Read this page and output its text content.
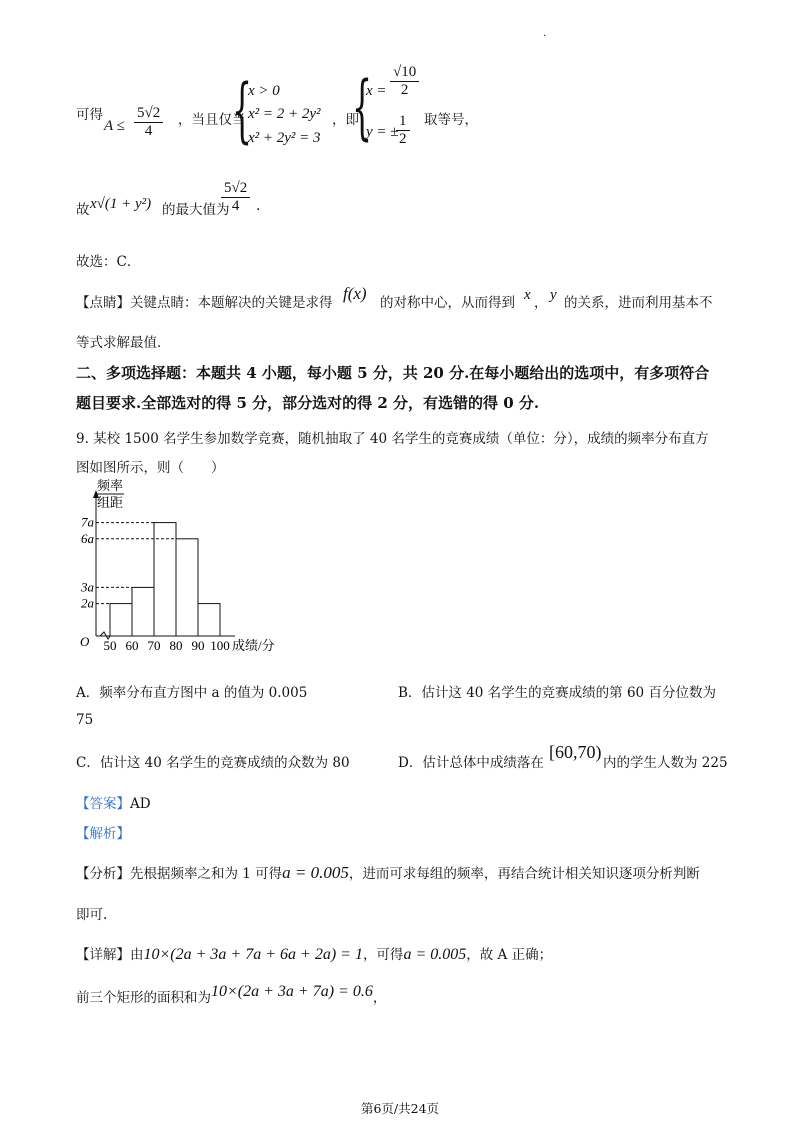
.
可得
$A \le \frac{5√2}{4}$ ，当且仅当
{
x > 0
x² = 2 + 2y²
x² + 2y² = 3
，即
{
$x = \frac{√10}{2}$
y = ±
$\frac{1}{2}$ 取等号，
故 x√(1 + y²) 的最大值为
$\frac{5√2}{4}$ .
故选：C．
【点睛】 关键点睛：本题解决的关键是求得 f(x) 的对称中心，从而得到 x ， y 的关系，进而利用基本不
等式求解最值．
二、多项选择题：本题共 4 小题，每小题 5 分，共 20 分.在每小题给出的选项中，有多项符合
题目要求.全部选对的得 5 分，部分选对的得 2 分，有选错的得 0 分.
9. 某校 1500 名学生参加数学竞赛，随机抽取了 40 名学生的竞赛成绩（单位：分），成绩的频率分布直方
图如图所示，则（　　）
7a
6a
3a
2a
50 60 70 80 90 100
O	成绩/分
频率
组距
A．频率分布直方图中 a 的值为 0.005	B．估计这 40 名学生的竞赛成绩的第 60 百分位数为
75
C．估计这 40 名学生的竞赛成绩的众数为 80	D．估计总体中成绩落在
[60,70)
内的学生人数为 225
【答案】AD
【解析】
【分析】先根据频率之和为 1 可得a = 0.005，进而可求每组的频率，再结合统计相关知识逐项分析判断
即可.
【详解】由10×(2a + 3a + 7a + 6a + 2a) = 1，可得a = 0.005，故 A 正确；
前三个矩形的面积和为10×(2a + 3a + 7a) = 0.6，
第6页/共24页
